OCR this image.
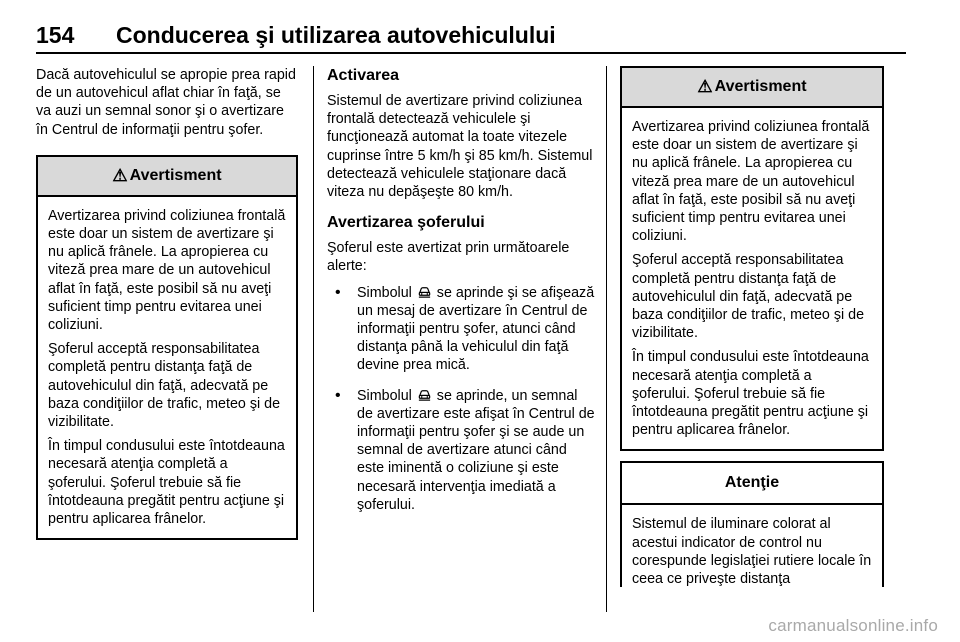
154 Conducerea şi utilizarea autovehiculului

Dacă autovehiculul se apropie prea rapid de un autovehicul aflat chiar în faţă, se va auzi un semnal sonor şi o avertizare în Centrul de informaţii pentru şofer.

⚠ Avertisment

Avertizarea privind coliziunea frontală este doar un sistem de avertizare şi nu aplică frânele. La apropierea cu viteză prea mare de un autovehicul aflat în faţă, este posibil să nu aveţi suficient timp pentru evitarea unei coliziuni.

Şoferul acceptă responsabilitatea completă pentru distanţa faţă de autovehiculul din faţă, adecvată pe baza condiţiilor de trafic, meteo şi de vizibilitate.

În timpul condusului este întotdeauna necesară atenţia completă a şoferului. Şoferul trebuie să fie întotdeauna pregătit pentru acţiune şi pentru aplicarea frânelor.

Activarea

Sistemul de avertizare privind coliziunea frontală detectează vehiculele şi funcţionează automat la toate vitezele cuprinse între 5 km/h şi 85 km/h. Sistemul detectează vehiculele staţionare dacă viteza nu depăşeşte 80 km/h.

Avertizarea şoferului

Şoferul este avertizat prin următoarele alerte:

• Simbolul se aprinde şi se afişează un mesaj de avertizare în Centrul de informaţii pentru şofer, atunci când distanţa până la vehiculul din faţă devine prea mică.
• Simbolul se aprinde, un semnal de avertizare este afişat în Centrul de informaţii pentru şofer şi se aude un semnal de avertizare atunci când este iminentă o coliziune şi este necesară intervenţia imediată a şoferului.
⚠ Avertisment

Avertizarea privind coliziunea frontală este doar un sistem de avertizare şi nu aplică frânele. La apropierea cu viteză prea mare de un autovehicul aflat în faţă, este posibil să nu aveţi suficient timp pentru evitarea unei coliziuni.

Şoferul acceptă responsabilitatea completă pentru distanţa faţă de autovehiculul din faţă, adecvată pe baza condiţiilor de trafic, meteo şi de vizibilitate.

În timpul condusului este întotdeauna necesară atenţia completă a şoferului. Şoferul trebuie să fie întotdeauna pregătit pentru acţiune şi pentru aplicarea frânelor.

Atenţie

Sistemul de iluminare colorat al acestui indicator de control nu corespunde legislaţiei rutiere locale în ceea ce priveşte distanţa

carmanualsonline.info
